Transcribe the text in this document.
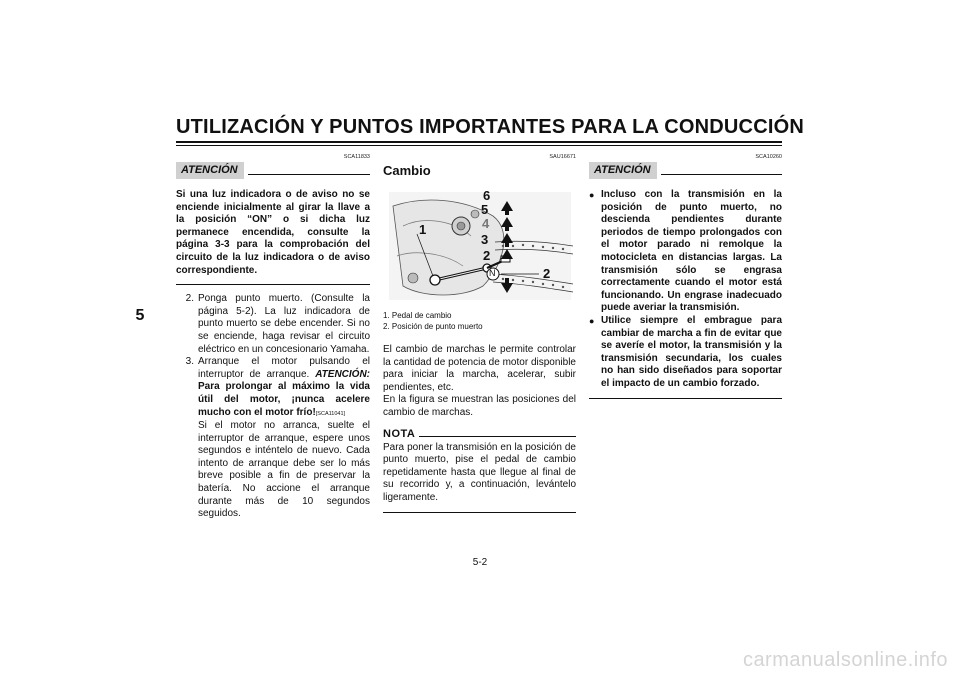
UTILIZACIÓN Y PUNTOS IMPORTANTES PARA LA CONDUCCIÓN
5
SCA11833
ATENCIÓN
Si una luz indicadora o de aviso no se enciende inicialmente al girar la llave a la posición “ON” o si dicha luz permanece encendida, consulte la página 3-3 para la comprobación del circuito de la luz indicadora o de aviso correspondiente.
2. Ponga punto muerto. (Consulte la página 5-2). La luz indicadora de punto muerto se debe encender. Si no se enciende, haga revisar el circuito eléctrico en un concesionario Yamaha.
3. Arranque el motor pulsando el interruptor de arranque. ATENCIÓN: Para prolongar al máximo la vida útil del motor, ¡nunca acelere mucho con el motor frío![SCA11041]
Si el motor no arranca, suelte el interruptor de arranque, espere unos segundos e inténtelo de nuevo. Cada intento de arranque debe ser lo más breve posible a fin de preservar la batería. No accione el arranque durante más de 10 segundos seguidos.
SAU16671
Cambio
6
5
4
3
2
N
1
2
1. Pedal de cambio
2. Posición de punto muerto
El cambio de marchas le permite controlar la cantidad de potencia de motor disponible para iniciar la marcha, acelerar, subir pendientes, etc.
En la figura se muestran las posiciones del cambio de marchas.
NOTA
Para poner la transmisión en la posición de punto muerto, pise el pedal de cambio repetidamente hasta que llegue al final de su recorrido y, a continuación, levántelo ligeramente.
SCA10260
ATENCIÓN
● Incluso con la transmisión en la posición de punto muerto, no descienda pendientes durante periodos de tiempo prolongados con el motor parado ni remolque la motocicleta en distancias largas. La transmisión sólo se engrasa correctamente cuando el motor está funcionando. Un engrase inadecuado puede averiar la transmisión.
● Utilice siempre el embrague para cambiar de marcha a fin de evitar que se averíe el motor, la transmisión y la transmisión secundaria, los cuales no han sido diseñados para soportar el impacto de un cambio forzado.
5-2
carmanualsonline.info
